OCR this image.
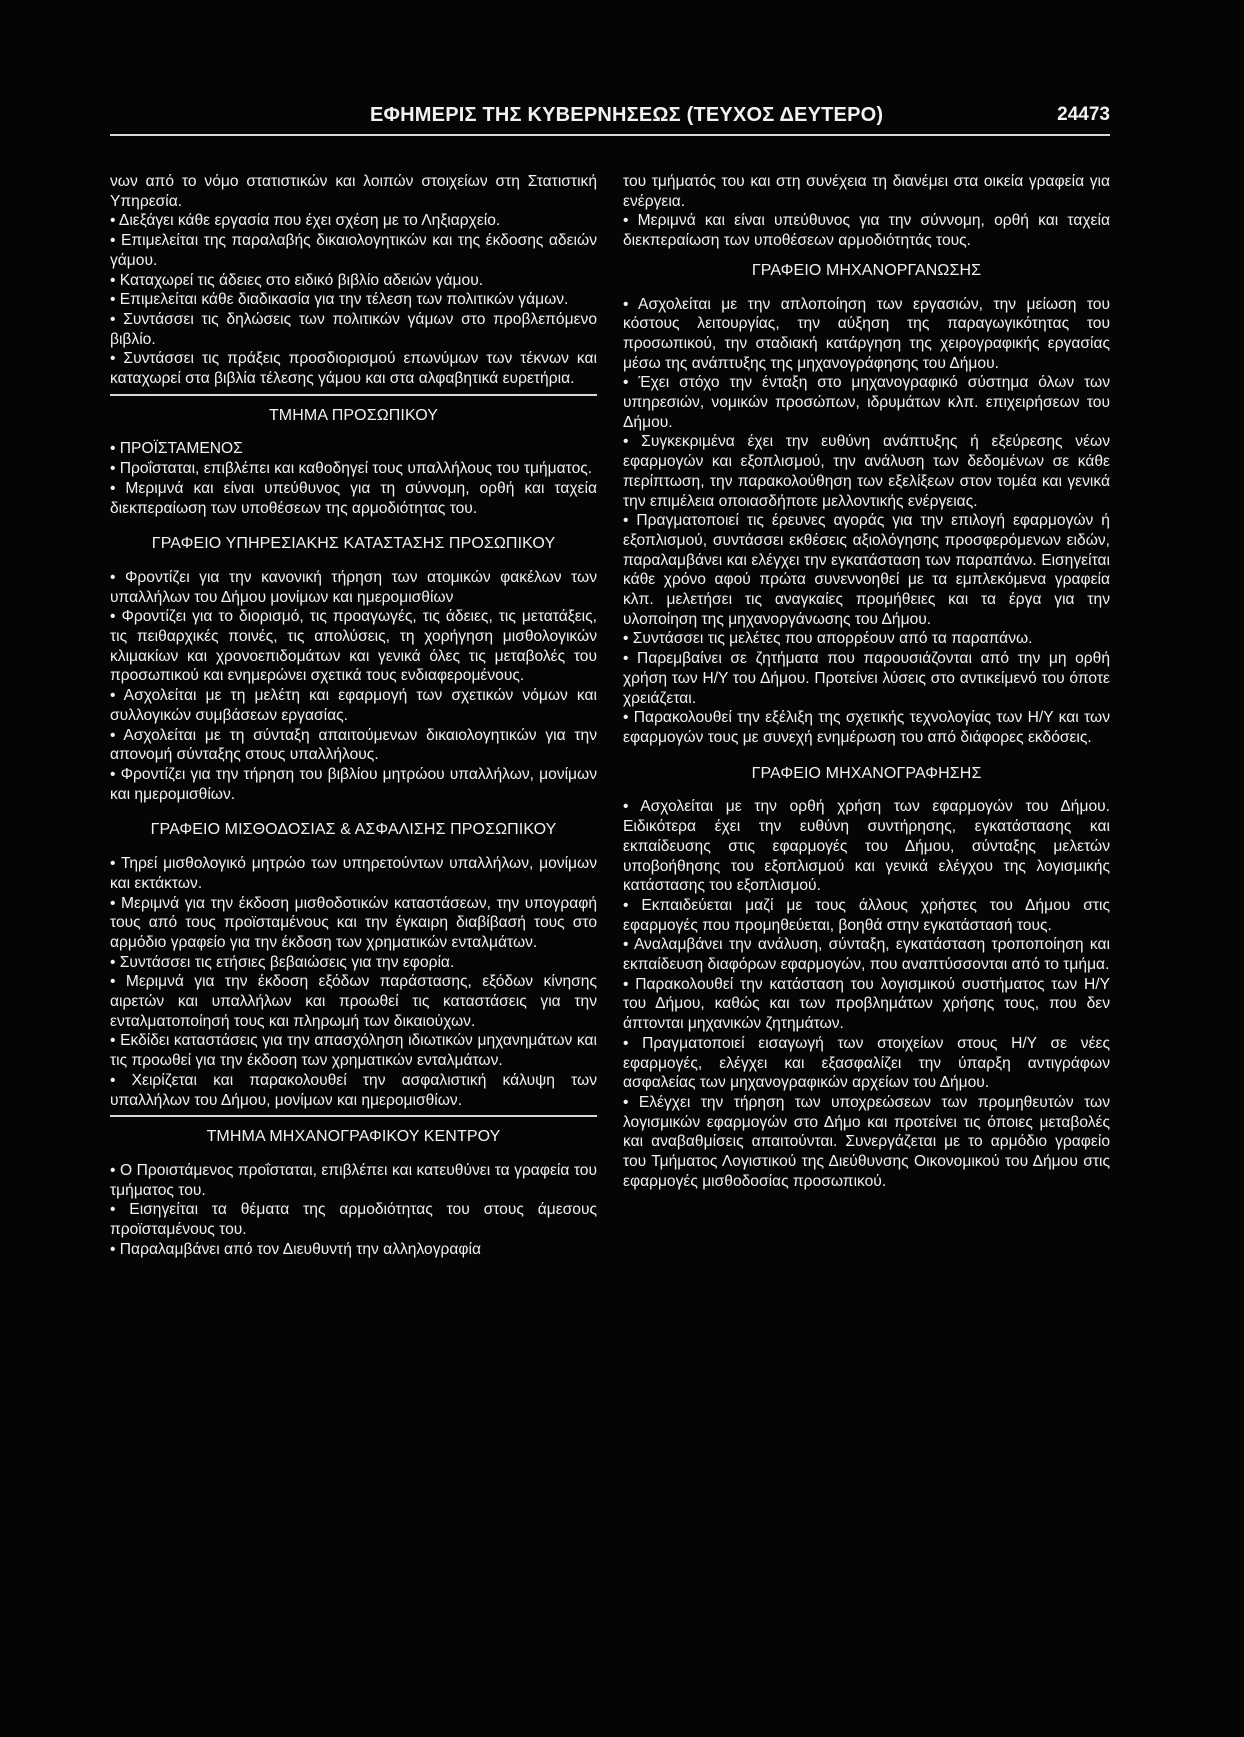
ΕΦΗΜΕΡΙΣ ΤΗΣ ΚΥΒΕΡΝΗΣΕΩΣ (ΤΕΥΧΟΣ ΔΕΥΤΕΡΟ)	24473

νων από το νόμο στατιστικών και λοιπών στοιχείων στη Στατιστική Υπηρεσία.

• Διεξάγει κάθε εργασία που έχει σχέση με το Ληξιαρχείο.

• Επιμελείται της παραλαβής δικαιολογητικών και της έκδοσης αδειών γάμου.

• Καταχωρεί τις άδειες στο ειδικό βιβλίο αδειών γάμου.

• Επιμελείται κάθε διαδικασία για την τέλεση των πολιτικών γάμων.

• Συντάσσει τις δηλώσεις των πολιτικών γάμων στο προβλεπόμενο βιβλίο.

• Συντάσσει τις πράξεις προσδιορισμού επωνύμων των τέκνων και καταχωρεί στα βιβλία τέλεσης γάμου και στα αλφαβητικά ευρετήρια.

ΤΜΗΜΑ ΠΡΟΣΩΠΙΚΟΥ

• ΠΡΟΪΣΤΑΜΕΝΟΣ

• Προΐσταται, επιβλέπει και καθοδηγεί τους υπαλλήλους του τμήματος.

• Μεριμνά και είναι υπεύθυνος για τη σύννομη, ορθή και ταχεία διεκπεραίωση των υποθέσεων της αρμοδιότητας του.

ΓΡΑΦΕΙΟ ΥΠΗΡΕΣΙΑΚΗΣ ΚΑΤΑΣΤΑΣΗΣ ΠΡΟΣΩΠΙΚΟΥ

• Φροντίζει για την κανονική τήρηση των ατομικών φακέλων των υπαλλήλων του Δήμου μονίμων και ημερομισθίων

• Φροντίζει για το διορισμό, τις προαγωγές, τις άδειες, τις μετατάξεις, τις πειθαρχικές ποινές, τις απολύσεις, τη χορήγηση μισθολογικών κλιμακίων και χρονοεπιδομάτων και γενικά όλες τις μεταβολές του προσωπικού και ενημερώνει σχετικά τους ενδιαφερομένους.

• Ασχολείται με τη μελέτη και εφαρμογή των σχετικών νόμων και συλλογικών συμβάσεων εργασίας.

• Ασχολείται με τη σύνταξη απαιτούμενων δικαιολογητικών για την απονομή σύνταξης στους υπαλλήλους.

• Φροντίζει για την τήρηση του βιβλίου μητρώου υπαλλήλων, μονίμων και ημερομισθίων.

ΓΡΑΦΕΙΟ ΜΙΣΘΟΔΟΣΙΑΣ & ΑΣΦΑΛΙΣΗΣ ΠΡΟΣΩΠΙΚΟΥ

• Τηρεί μισθολογικό μητρώο των υπηρετούντων υπαλλήλων, μονίμων και εκτάκτων.

• Μεριμνά για την έκδοση μισθοδοτικών καταστάσεων, την υπογραφή τους από τους προϊσταμένους και την έγκαιρη διαβίβασή τους στο αρμόδιο γραφείο για την έκδοση των χρηματικών ενταλμάτων.

• Συντάσσει τις ετήσιες βεβαιώσεις για την εφορία.

• Μεριμνά για την έκδοση εξόδων παράστασης, εξόδων κίνησης αιρετών και υπαλλήλων και προωθεί τις καταστάσεις για την ενταλματοποίησή τους και πληρωμή των δικαιούχων.

• Εκδίδει καταστάσεις για την απασχόληση ιδιωτικών μηχανημάτων και τις προωθεί για την έκδοση των χρηματικών ενταλμάτων.

• Χειρίζεται και παρακολουθεί την ασφαλιστική κάλυψη των υπαλλήλων του Δήμου, μονίμων και ημερομισθίων.

ΤΜΗΜΑ ΜΗΧΑΝΟΓΡΑΦΙΚΟΥ ΚΕΝΤΡΟΥ

• Ο Προιστάμενος προΐσταται, επιβλέπει και κατευθύνει τα γραφεία του τμήματος του.

• Εισηγείται τα θέματα της αρμοδιότητας του στους άμεσους προϊσταμένους του.

• Παραλαμβάνει από τον Διευθυντή την αλληλογραφία

του τμήματός του και στη συνέχεια τη διανέμει στα οικεία γραφεία για ενέργεια.

• Μεριμνά και είναι υπεύθυνος για την σύννομη, ορθή και ταχεία διεκπεραίωση των υποθέσεων αρμοδιότητάς τους.

ΓΡΑΦΕΙΟ ΜΗΧΑΝΟΡΓΑΝΩΣΗΣ

• Ασχολείται με την απλοποίηση των εργασιών, την μείωση του κόστους λειτουργίας, την αύξηση της παραγωγικότητας του προσωπικού, την σταδιακή κατάργηση της χειρογραφικής εργασίας μέσω της ανάπτυξης της μηχανογράφησης του Δήμου.

• Έχει στόχο την ένταξη στο μηχανογραφικό σύστημα όλων των υπηρεσιών, νομικών προσώπων, ιδρυμάτων κλπ. επιχειρήσεων του Δήμου.

• Συγκεκριμένα έχει την ευθύνη ανάπτυξης ή εξεύρεσης νέων εφαρμογών και εξοπλισμού, την ανάλυση των δεδομένων σε κάθε περίπτωση, την παρακολούθηση των εξελίξεων στον τομέα και γενικά την επιμέλεια οποιασδήποτε μελλοντικής ενέργειας.

• Πραγματοποιεί τις έρευνες αγοράς για την επιλογή εφαρμογών ή εξοπλισμού, συντάσσει εκθέσεις αξιολόγησης προσφερόμενων ειδών, παραλαμβάνει και ελέγχει την εγκατάσταση των παραπάνω. Εισηγείται κάθε χρόνο αφού πρώτα συνεννοηθεί με τα εμπλεκόμενα γραφεία κλπ. μελετήσει τις αναγκαίες προμήθειες και τα έργα για την υλοποίηση της μηχανοργάνωσης του Δήμου.

• Συντάσσει τις μελέτες που απορρέουν από τα παραπάνω.

• Παρεμβαίνει σε ζητήματα που παρουσιάζονται από την μη ορθή χρήση των Η/Υ του Δήμου. Προτείνει λύσεις στο αντικείμενό του όποτε χρειάζεται.

• Παρακολουθεί την εξέλιξη της σχετικής τεχνολογίας των Η/Υ και των εφαρμογών τους με συνεχή ενημέρωση του από διάφορες εκδόσεις.

ΓΡΑΦΕΙΟ ΜΗΧΑΝΟΓΡΑΦΗΣΗΣ

• Ασχολείται με την ορθή χρήση των εφαρμογών του Δήμου. Ειδικότερα έχει την ευθύνη συντήρησης, εγκατάστασης και εκπαίδευσης στις εφαρμογές του Δήμου, σύνταξης μελετών υποβοήθησης του εξοπλισμού και γενικά ελέγχου της λογισμικής κατάστασης του εξοπλισμού.

• Εκπαιδεύεται μαζί με τους άλλους χρήστες του Δήμου στις εφαρμογές που προμηθεύεται, βοηθά στην εγκατάστασή τους.

• Αναλαμβάνει την ανάλυση, σύνταξη, εγκατάσταση τροποποίηση και εκπαίδευση διαφόρων εφαρμογών, που αναπτύσσονται από το τμήμα.

• Παρακολουθεί την κατάσταση του λογισμικού συστήματος των Η/Υ του Δήμου, καθώς και των προβλημάτων χρήσης τους, που δεν άπτονται μηχανικών ζητημάτων.

• Πραγματοποιεί εισαγωγή των στοιχείων στους Η/Υ σε νέες εφαρμογές, ελέγχει και εξασφαλίζει την ύπαρξη αντιγράφων ασφαλείας των μηχανογραφικών αρχείων του Δήμου.

• Ελέγχει την τήρηση των υποχρεώσεων των προμηθευτών των λογισμικών εφαρμογών στο Δήμο και προτείνει τις όποιες μεταβολές και αναβαθμίσεις απαιτούνται. Συνεργάζεται με το αρμόδιο γραφείο του Τμήματος Λογιστικού της Διεύθυνσης Οικονομικού του Δήμου στις εφαρμογές μισθοδοσίας προσωπικού.
